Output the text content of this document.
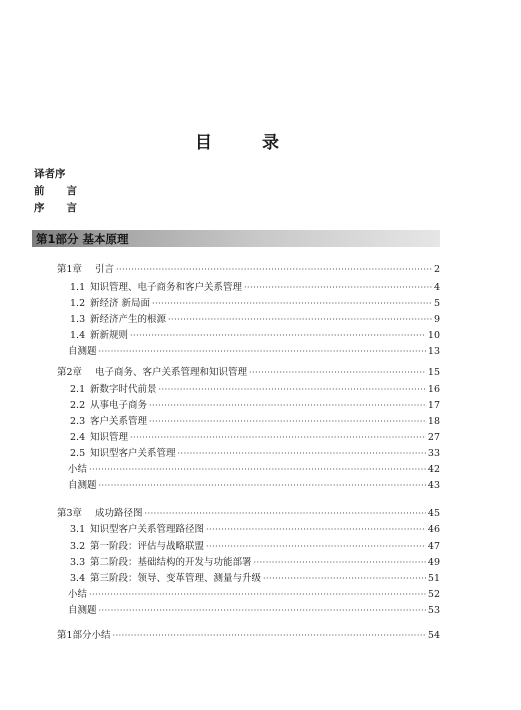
目	录
译者序
前 言
序 言
第1部分 基本原理
第1章	引言 ·····	2
1.1 知识管理、电子商务和客户关系管理 ·····	4
1.2 新经济 新局面 ·····	5
1.3 新经济产生的根源 ·····	9
1.4 新新规则 ·····	10
自测题 ·····	13
第2章	电子商务、客户关系管理和知识管理 ·····	15
2.1 新数字时代前景 ·····	16
2.2 从事电子商务 ·····	17
2.3 客户关系管理 ·····	18
2.4 知识管理 ·····	27
2.5 知识型客户关系管理 ·····	33
小结 ·····	42
自测题 ·····	43
第3章	成功路径图 ·····	45
3.1 知识型客户关系管理路径图 ·····	46
3.2 第一阶段：评估与战略联盟 ·····	47
3.3 第二阶段：基础结构的开发与功能部署 ·····	49
3.4 第三阶段：领导、变革管理、测量与升级 ·····	51
小结 ·····	52
自测题 ·····	53
第1部分小结 ·····	54
